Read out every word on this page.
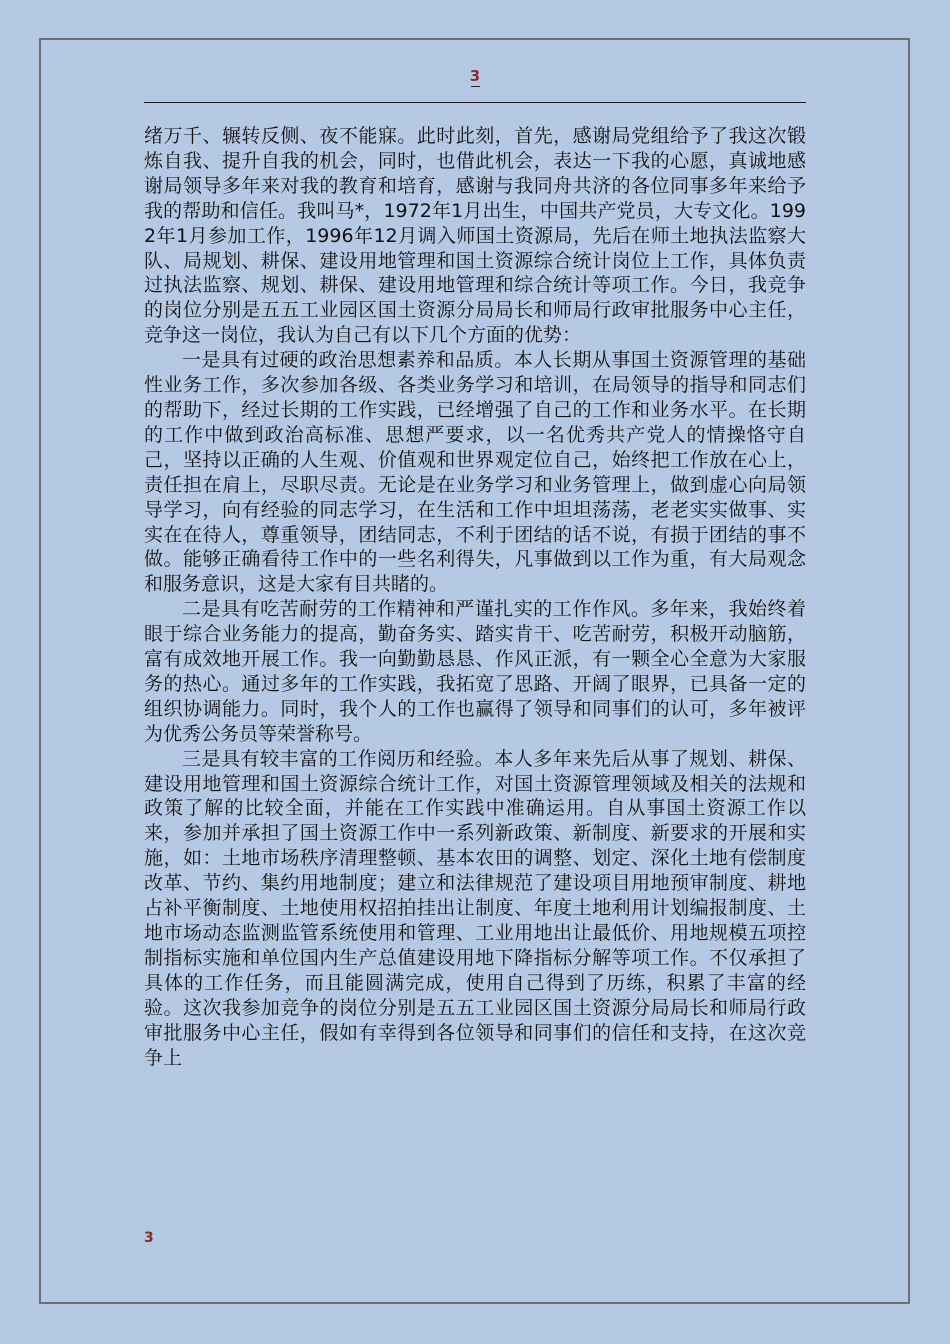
3

绪万千、辗转反侧、夜不能寐。此时此刻，首先，感谢局党组给予了我这次锻炼自我、提升自我的机会，同时，也借此机会，表达一下我的心愿，真诚地感谢局领导多年来对我的教育和培育，感谢与我同舟共济的各位同事多年来给予我的帮助和信任。我叫马*，1972年1月出生，中国共产党员，大专文化。1992年1月参加工作，1996年12月调入师国土资源局，先后在师土地执法监察大队、局规划、耕保、建设用地管理和国土资源综合统计岗位上工作，具体负责过执法监察、规划、耕保、建设用地管理和综合统计等项工作。今日，我竞争的岗位分别是五五工业园区国土资源分局局长和师局行政审批服务中心主任，竞争这一岗位，我认为自己有以下几个方面的优势：

一是具有过硬的政治思想素养和品质。本人长期从事国土资源管理的基础性业务工作，多次参加各级、各类业务学习和培训，在局领导的指导和同志们的帮助下，经过长期的工作实践，已经增强了自己的工作和业务水平。在长期的工作中做到政治高标准、思想严要求，以一名优秀共产党人的情操恪守自己，坚持以正确的人生观、价值观和世界观定位自己，始终把工作放在心上，责任担在肩上，尽职尽责。无论是在业务学习和业务管理上，做到虚心向局领导学习，向有经验的同志学习，在生活和工作中坦坦荡荡，老老实实做事、实实在在待人，尊重领导，团结同志，不利于团结的话不说，有损于团结的事不做。能够正确看待工作中的一些名利得失，凡事做到以工作为重，有大局观念和服务意识，这是大家有目共睹的。

二是具有吃苦耐劳的工作精神和严谨扎实的工作作风。多年来，我始终着眼于综合业务能力的提高，勤奋务实、踏实肯干、吃苦耐劳，积极开动脑筋，富有成效地开展工作。我一向勤勤恳恳、作风正派，有一颗全心全意为大家服务的热心。通过多年的工作实践，我拓宽了思路、开阔了眼界，已具备一定的组织协调能力。同时，我个人的工作也赢得了领导和同事们的认可，多年被评为优秀公务员等荣誉称号。

三是具有较丰富的工作阅历和经验。本人多年来先后从事了规划、耕保、建设用地管理和国土资源综合统计工作，对国土资源管理领域及相关的法规和政策了解的比较全面，并能在工作实践中准确运用。自从事国土资源工作以来，参加并承担了国土资源工作中一系列新政策、新制度、新要求的开展和实施，如：土地市场秩序清理整顿、基本农田的调整、划定、深化土地有偿制度改革、节约、集约用地制度；建立和法律规范了建设项目用地预审制度、耕地占补平衡制度、土地使用权招拍挂出让制度、年度土地利用计划编报制度、土地市场动态监测监管系统使用和管理、工业用地出让最低价、用地规模五项控制指标实施和单位国内生产总值建设用地下降指标分解等项工作。不仅承担了具体的工作任务，而且能圆满完成，使用自己得到了历练，积累了丰富的经验。这次我参加竞争的岗位分别是五五工业园区国土资源分局局长和师局行政审批服务中心主任，假如有幸得到各位领导和同事们的信任和支持，在这次竞争上

3
